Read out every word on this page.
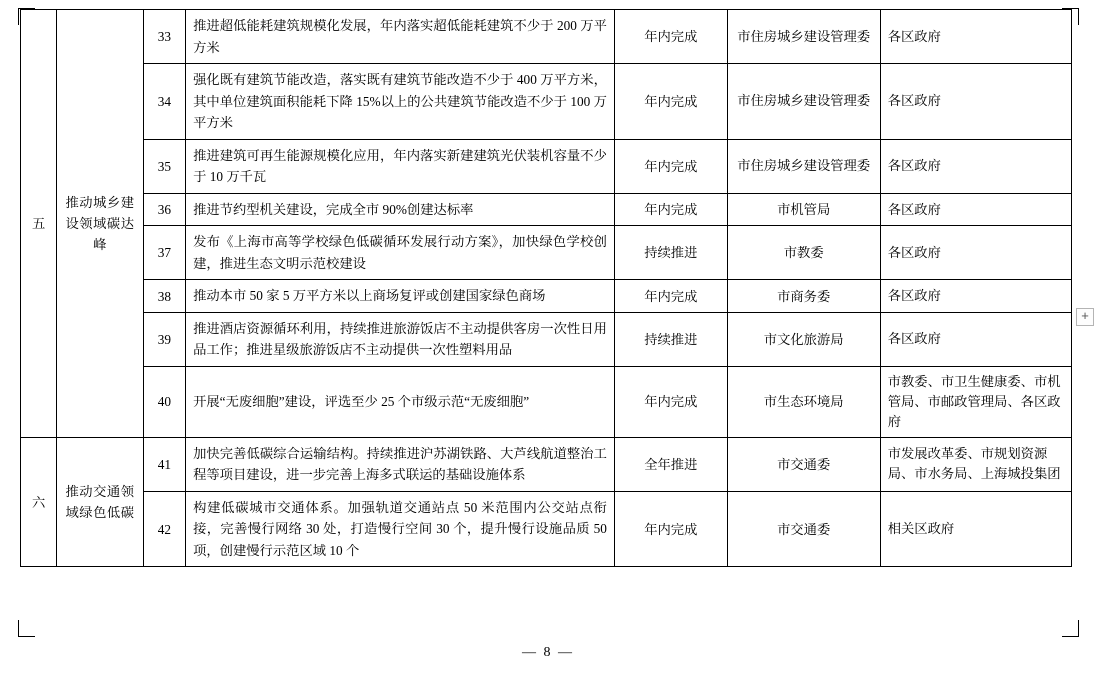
五	推动城乡建设领域碳达峰	33	推进超低能耗建筑规模化发展，年内落实超低能耗建筑不少于 200 万平方米	年内完成	市住房城乡建设管理委	各区政府
		34	强化既有建筑节能改造，落实既有建筑节能改造不少于 400 万平方米，其中单位建筑面积能耗下降 15%以上的公共建筑节能改造不少于 100 万平方米	年内完成	市住房城乡建设管理委	各区政府
		35	推进建筑可再生能源规模化应用，年内落实新建建筑光伏装机容量不少于 10 万千瓦	年内完成	市住房城乡建设管理委	各区政府
		36	推进节约型机关建设，完成全市 90%创建达标率	年内完成	市机管局	各区政府
		37	发布《上海市高等学校绿色低碳循环发展行动方案》，加快绿色学校创建，推进生态文明示范校建设	持续推进	市教委	各区政府
		38	推动本市 50 家 5 万平方米以上商场复评或创建国家绿色商场	年内完成	市商务委	各区政府
		39	推进酒店资源循环利用，持续推进旅游饭店不主动提供客房一次性日用品工作；推进星级旅游饭店不主动提供一次性塑料用品	持续推进	市文化旅游局	各区政府
		40	开展“无废细胞”建设，评选至少 25 个市级示范“无废细胞”	年内完成	市生态环境局	市教委、市卫生健康委、市机管局、市邮政管理局、各区政府
六	推动交通领域绿色低碳	41	加快完善低碳综合运输结构。持续推进沪苏湖铁路、大芦线航道整治工程等项目建设，进一步完善上海多式联运的基础设施体系	全年推进	市交通委	市发展改革委、市规划资源局、市水务局、上海城投集团
		42	构建低碳城市交通体系。加强轨道交通站点 50 米范围内公交站点衔接，完善慢行网络 30 处，打造慢行空间 30 个，提升慢行设施品质 50 项，创建慢行示范区域 10 个	年内完成	市交通委	相关区政府
— 8 —
+
